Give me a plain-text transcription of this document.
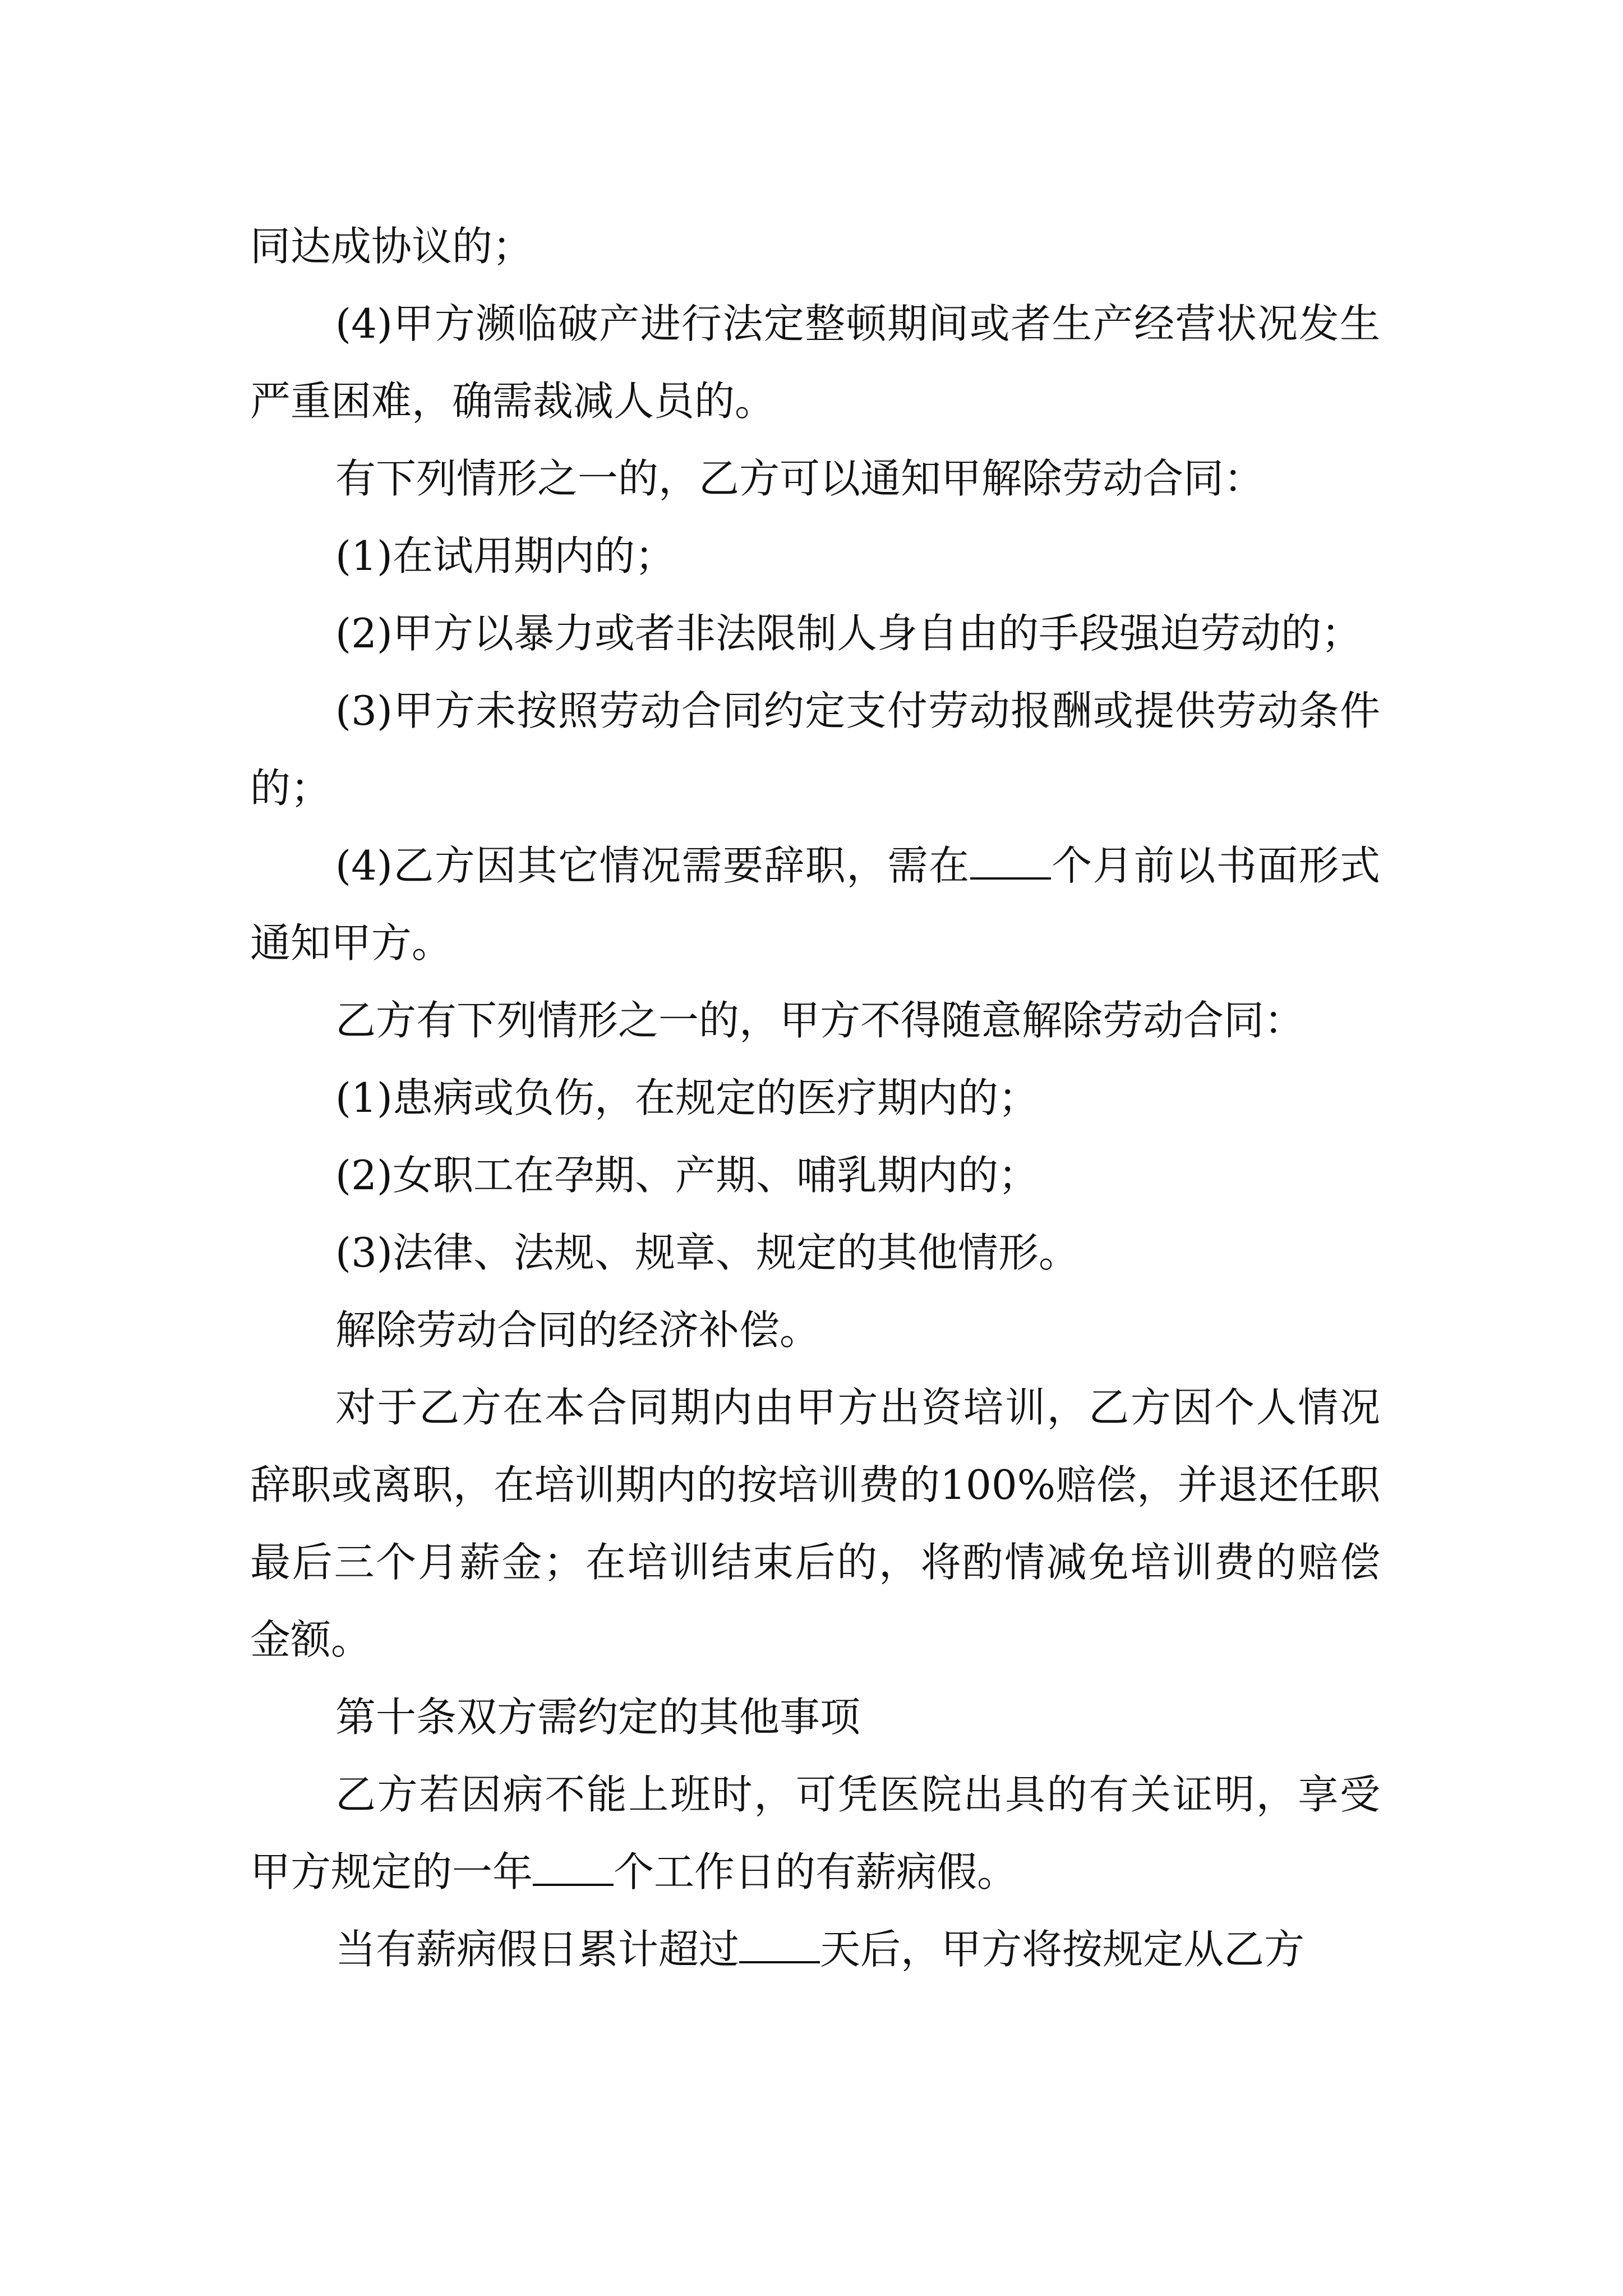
同达成协议的；

(4)甲方濒临破产进行法定整顿期间或者生产经营状况发生严重困难，确需裁减人员的。

有下列情形之一的，乙方可以通知甲解除劳动合同：

(1)在试用期内的；

(2)甲方以暴力或者非法限制人身自由的手段强迫劳动的；

(3)甲方未按照劳动合同约定支付劳动报酬或提供劳动条件的；

(4)乙方因其它情况需要辞职，需在 个月前以书面形式通知甲方。

乙方有下列情形之一的，甲方不得随意解除劳动合同：

(1)患病或负伤，在规定的医疗期内的；

(2)女职工在孕期、产期、哺乳期内的；

(3)法律、法规、规章、规定的其他情形。

解除劳动合同的经济补偿。

对于乙方在本合同期内由甲方出资培训，乙方因个人情况辞职或离职，在培训期内的按培训费的100%赔偿，并退还任职最后三个月薪金；在培训结束后的，将酌情减免培训费的赔偿金额。

第十条双方需约定的其他事项

乙方若因病不能上班时，可凭医院出具的有关证明，享受甲方规定的一年 个工作日的有薪病假。

当有薪病假日累计超过 天后，甲方将按规定从乙方
